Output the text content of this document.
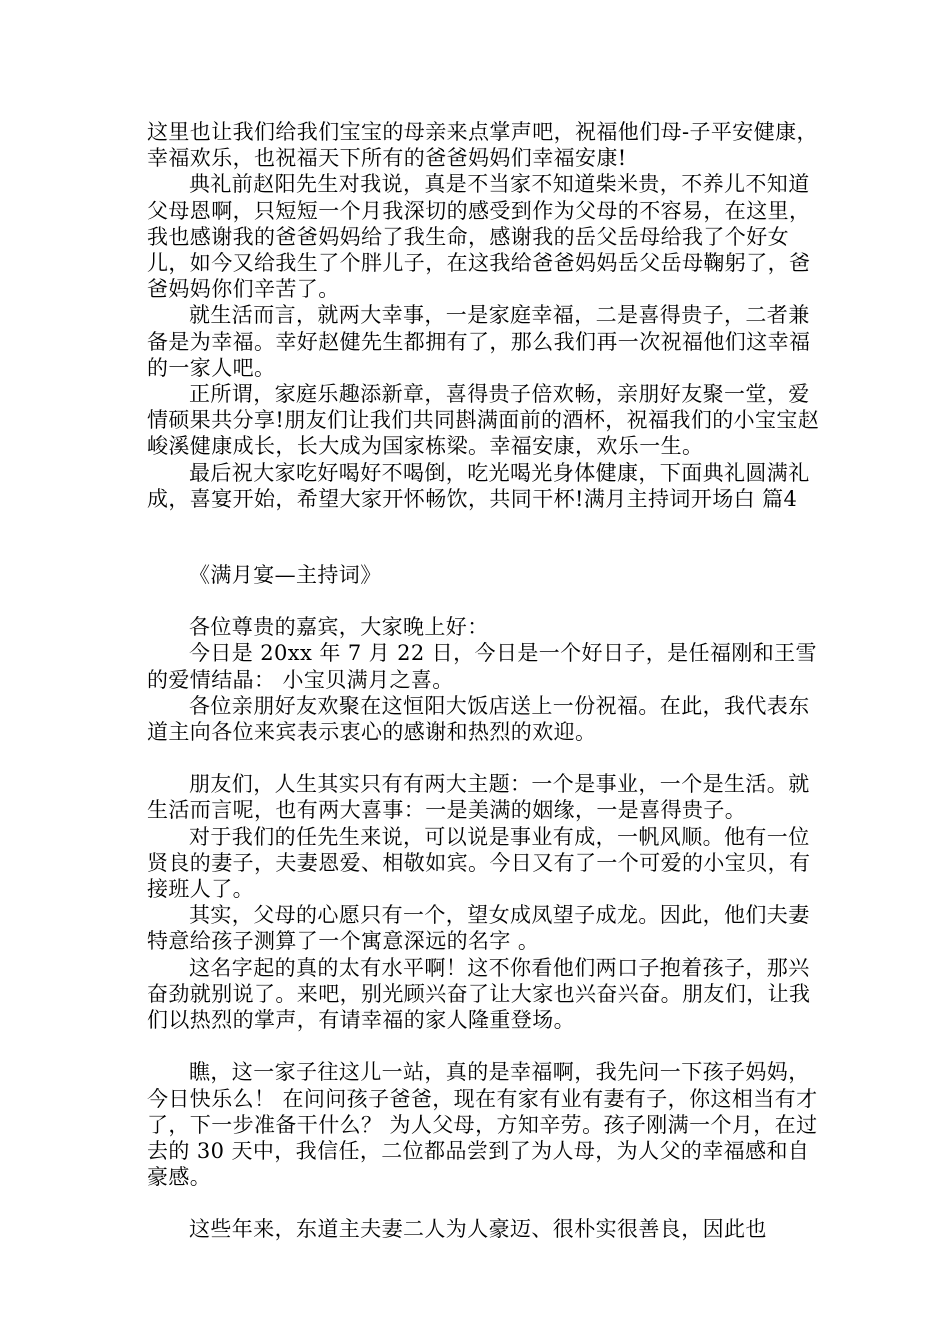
这里也让我们给我们宝宝的母亲来点掌声吧，祝福他们母-子平安健康，幸福欢乐，也祝福天下所有的爸爸妈妈们幸福安康!

典礼前赵阳先生对我说，真是不当家不知道柴米贵，不养儿不知道父母恩啊，只短短一个月我深切的感受到作为父母的不容易，在这里，我也感谢我的爸爸妈妈给了我生命，感谢我的岳父岳母给我了个好女儿，如今又给我生了个胖儿子，在这我给爸爸妈妈岳父岳母鞠躬了，爸爸妈妈你们辛苦了。

就生活而言，就两大幸事，一是家庭幸福，二是喜得贵子，二者兼备是为幸福。幸好赵健先生都拥有了，那么我们再一次祝福他们这幸福的一家人吧。

正所谓，家庭乐趣添新章，喜得贵子倍欢畅，亲朋好友聚一堂，爱情硕果共分享!朋友们让我们共同斟满面前的酒杯，祝福我们的小宝宝赵峻溪健康成长，长大成为国家栋梁。幸福安康，欢乐一生。

最后祝大家吃好喝好不喝倒，吃光喝光身体健康，下面典礼圆满礼成，喜宴开始，希望大家开怀畅饮，共同干杯!满月主持词开场白 篇4

《满月宴—主持词》

各位尊贵的嘉宾，大家晚上好：

今日是 20xx 年 7 月 22 日，今日是一个好日子，是任福刚和王雪的爱情结晶： 小宝贝满月之喜。

各位亲朋好友欢聚在这恒阳大饭店送上一份祝福。在此，我代表东道主向各位来宾表示衷心的感谢和热烈的欢迎。

朋友们，人生其实只有有两大主题：一个是事业，一个是生活。就生活而言呢，也有两大喜事：一是美满的姻缘，一是喜得贵子。

对于我们的任先生来说，可以说是事业有成，一帆风顺。他有一位贤良的妻子，夫妻恩爱、相敬如宾。今日又有了一个可爱的小宝贝，有接班人了。

其实，父母的心愿只有一个，望女成凤望子成龙。因此，他们夫妻特意给孩子测算了一个寓意深远的名字 。

这名字起的真的太有水平啊！这不你看他们两口子抱着孩子，那兴奋劲就别说了。来吧，别光顾兴奋了让大家也兴奋兴奋。朋友们，让我们以热烈的掌声，有请幸福的家人隆重登场。

瞧，这一家子往这儿一站，真的是幸福啊，我先问一下孩子妈妈，今日快乐么！ 在问问孩子爸爸，现在有家有业有妻有子，你这相当有才了，下一步准备干什么？ 为人父母，方知辛劳。孩子刚满一个月，在过去的 30 天中，我信任，二位都品尝到了为人母，为人父的幸福感和自豪感。

这些年来，东道主夫妻二人为人豪迈、很朴实很善良，因此也
